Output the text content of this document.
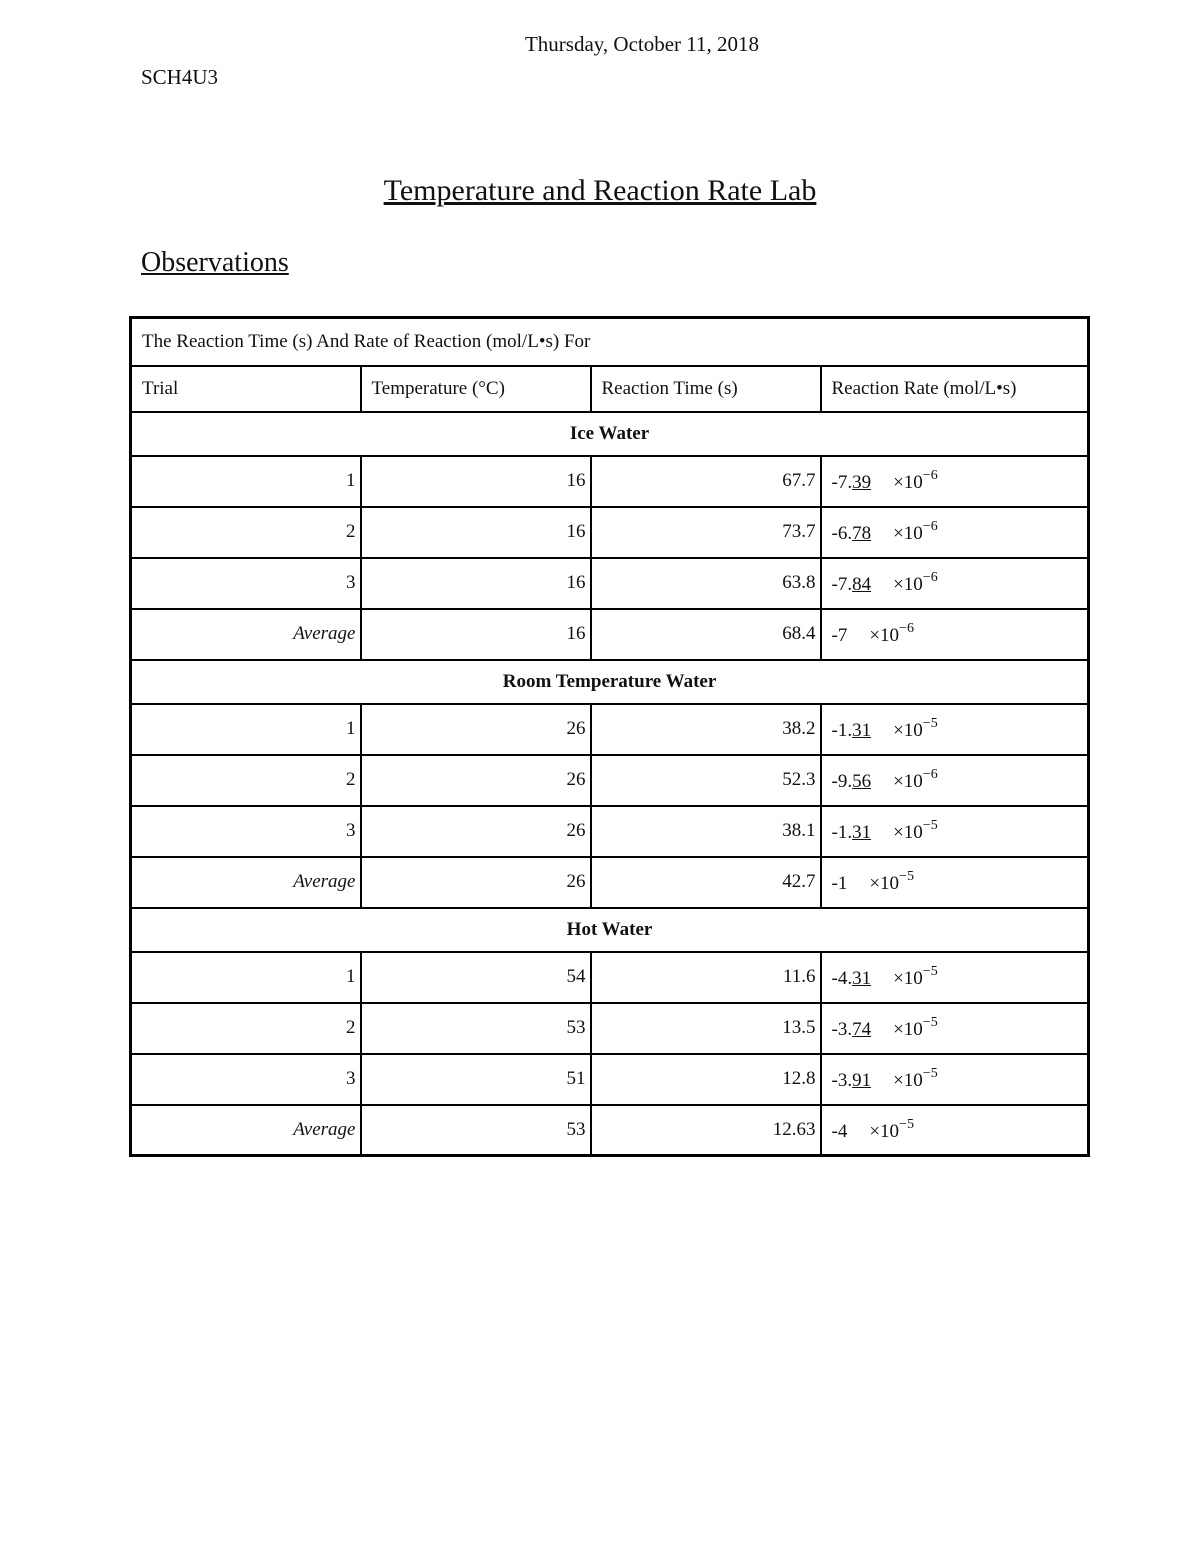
Thursday, October 11, 2018
SCH4U3
Temperature and Reaction Rate Lab
Observations
The Reaction Time (s) And Rate of Reaction (mol/L•s) For			
Trial	Temperature (°C)	Reaction Time (s)	Reaction Rate (mol/L•s)
Ice Water			
1	16	67.7	$-7.39 \times 10^{-6}$
2	16	73.7	$-6.78 \times 10^{-6}$
3	16	63.8	$-7.84 \times 10^{-6}$
Average	16	68.4	$-7 \times 10^{-6}$
Room Temperature Water			
1	26	38.2	$-1.31 \times 10^{-5}$
2	26	52.3	$-9.56 \times 10^{-6}$
3	26	38.1	$-1.31 \times 10^{-5}$
Average	26	42.7	$-1 \times 10^{-5}$
Hot Water			
1	54	11.6	$-4.31 \times 10^{-5}$
2	53	13.5	$-3.74 \times 10^{-5}$
3	51	12.8	$-3.91 \times 10^{-5}$
Average	53	12.63	$-4 \times 10^{-5}$
